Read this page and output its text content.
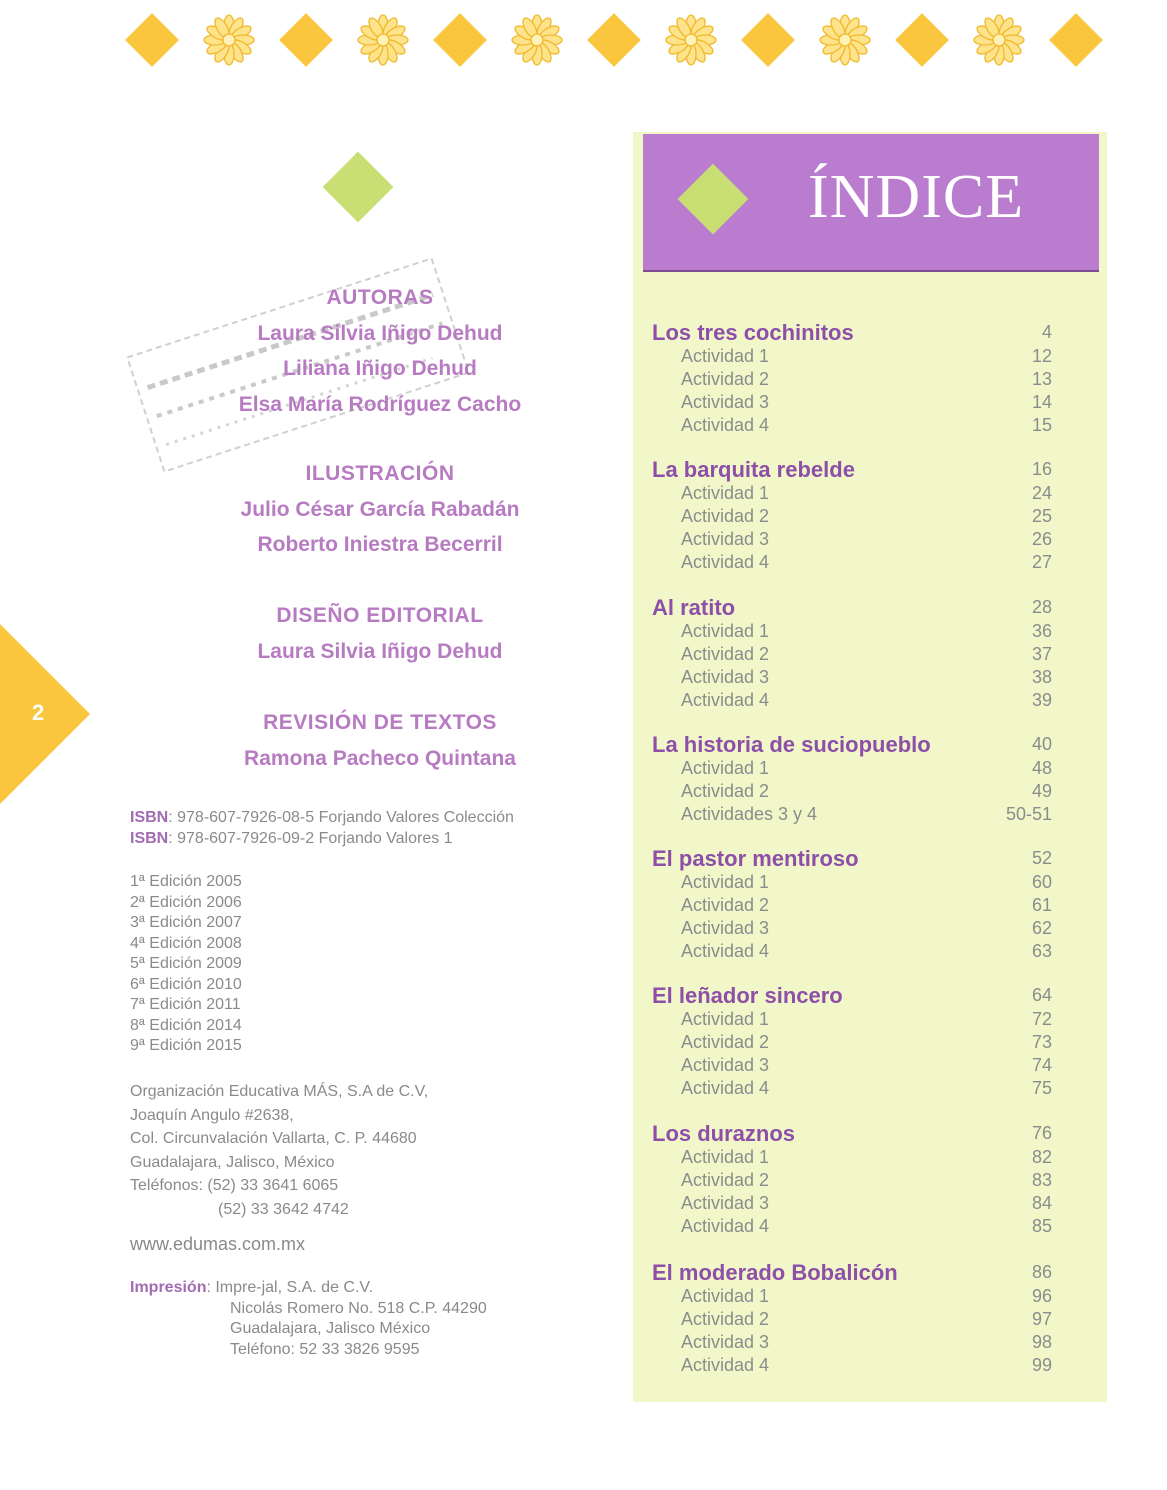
AUTORAS
Laura Silvia Iñigo Dehud
Liliana Iñigo Dehud
Elsa María Rodríguez Cacho
ILUSTRACIÓN
Julio César García Rabadán
Roberto Iniestra Becerril
DISEÑO EDITORIAL
Laura Silvia Iñigo Dehud
REVISIÓN DE TEXTOS
Ramona Pacheco Quintana
ISBN: 978-607-7926-08-5 Forjando Valores Colección
ISBN: 978-607-7926-09-2 Forjando Valores 1
1ª Edición 2005
2ª Edición 2006
3ª Edición 2007
4ª Edición 2008
5ª Edición 2009
6ª Edición 2010
7ª Edición 2011
8ª Edición 2014
9ª Edición 2015
Organización Educativa MÁS, S.A de C.V,
Joaquín Angulo #2638,
Col. Circunvalación Vallarta, C. P. 44680
Guadalajara, Jalisco, México
Teléfonos: (52) 33 3641 6065
(52) 33 3642 4742
www.edumas.com.mx
Impresión: Impre-jal, S.A. de C.V.
Nicolás Romero No. 518 C.P. 44290
Guadalajara, Jalisco México
Teléfono: 52 33 3826 9595
2
ÍNDICE
Los tres cochinitos	4
Actividad 1	12
Actividad 2	13
Actividad 3	14
Actividad 4	15
La barquita rebelde	16
Actividad 1	24
Actividad 2	25
Actividad 3	26
Actividad 4	27
Al ratito	28
Actividad 1	36
Actividad 2	37
Actividad 3	38
Actividad 4	39
La historia de suciopueblo	40
Actividad 1	48
Actividad 2	49
Actividades 3 y 4	50-51
El pastor mentiroso	52
Actividad 1	60
Actividad 2	61
Actividad 3	62
Actividad 4	63
El leñador sincero	64
Actividad 1	72
Actividad 2	73
Actividad 3	74
Actividad 4	75
Los duraznos	76
Actividad 1	82
Actividad 2	83
Actividad 3	84
Actividad 4	85
El moderado Bobalicón	86
Actividad 1	96
Actividad 2	97
Actividad 3	98
Actividad 4	99
